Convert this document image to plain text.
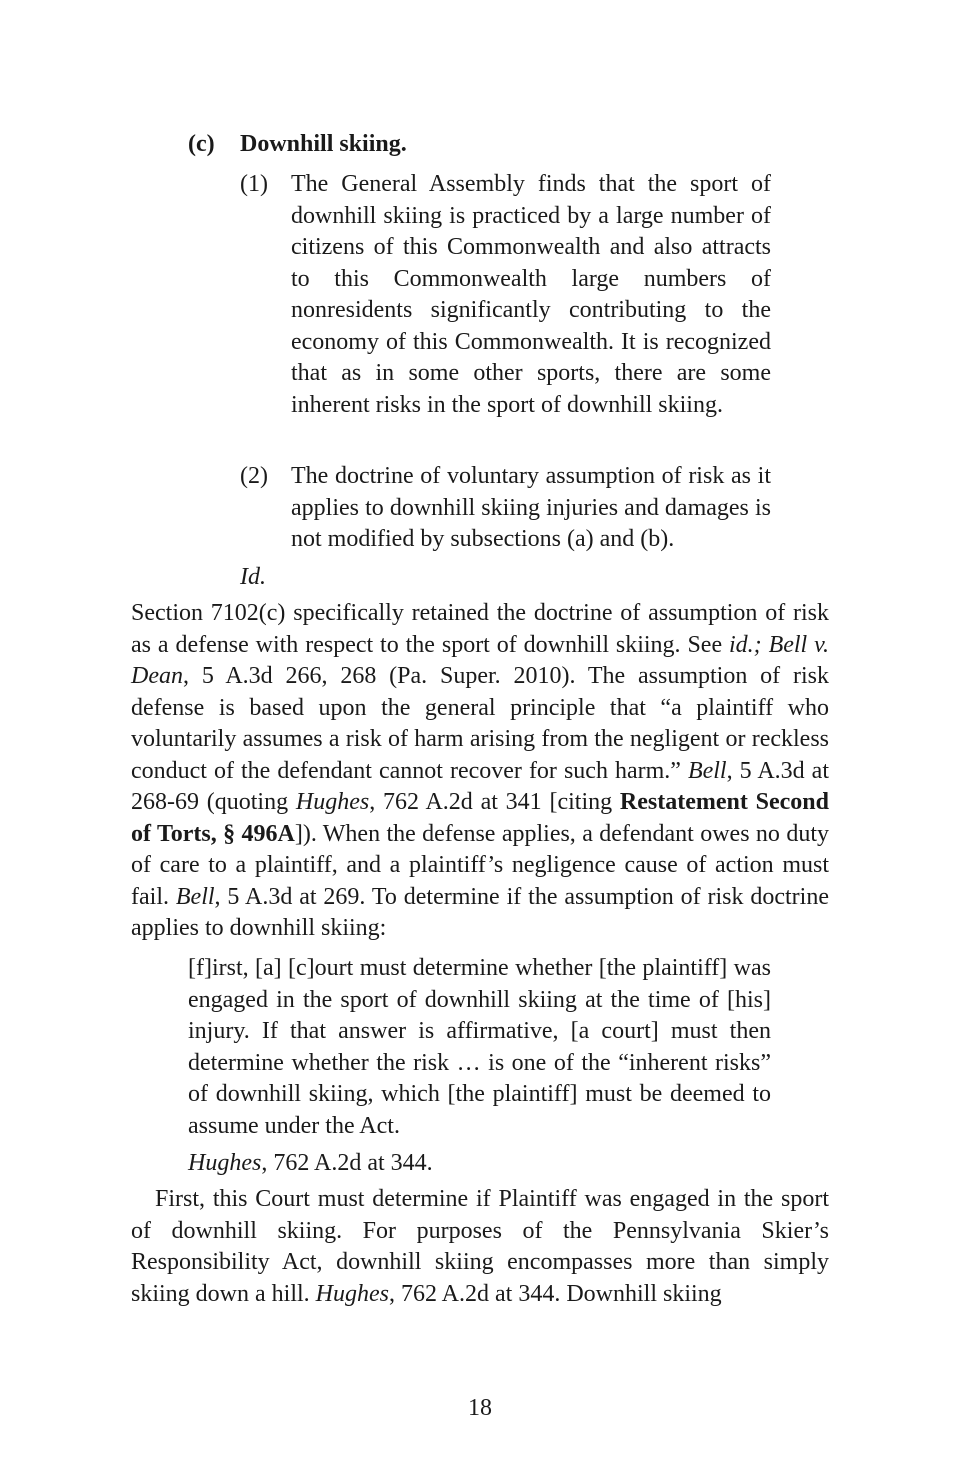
(c) Downhill skiing.
(1) The General Assembly finds that the sport of downhill skiing is practiced by a large number of citizens of this Commonwealth and also attracts to this Commonwealth large numbers of nonresidents significantly contributing to the economy of this Commonwealth. It is recognized that as in some other sports, there are some inherent risks in the sport of downhill skiing.
(2) The doctrine of voluntary assumption of risk as it applies to downhill skiing injuries and damages is not modified by subsections (a) and (b).
Id.

Section 7102(c) specifically retained the doctrine of assumption of risk as a defense with respect to the sport of downhill skiing. See id.; Bell v. Dean, 5 A.3d 266, 268 (Pa. Super. 2010). The assumption of risk defense is based upon the general principle that “a plaintiff who voluntarily assumes a risk of harm arising from the negligent or reckless conduct of the defendant cannot recover for such harm.” Bell, 5 A.3d at 268-69 (quoting Hughes, 762 A.2d at 341 [citing Restatement Second of Torts, § 496A]). When the defense applies, a defendant owes no duty of care to a plaintiff, and a plaintiff’s negligence cause of action must fail. Bell, 5 A.3d at 269. To determine if the assumption of risk doctrine applies to downhill skiing:

[f]irst, [a] [c]ourt must determine whether [the plaintiff] was engaged in the sport of downhill skiing at the time of [his] injury. If that answer is affirmative, [a court] must then determine whether the risk … is one of the “inherent risks” of downhill skiing, which [the plaintiff] must be deemed to assume under the Act.
Hughes, 762 A.2d at 344.

 First, this Court must determine if Plaintiff was engaged in the sport of downhill skiing. For purposes of the Pennsylvania Skier’s Responsibility Act, downhill skiing encompasses more than simply skiing down a hill. Hughes, 762 A.2d at 344. Downhill skiing

18
